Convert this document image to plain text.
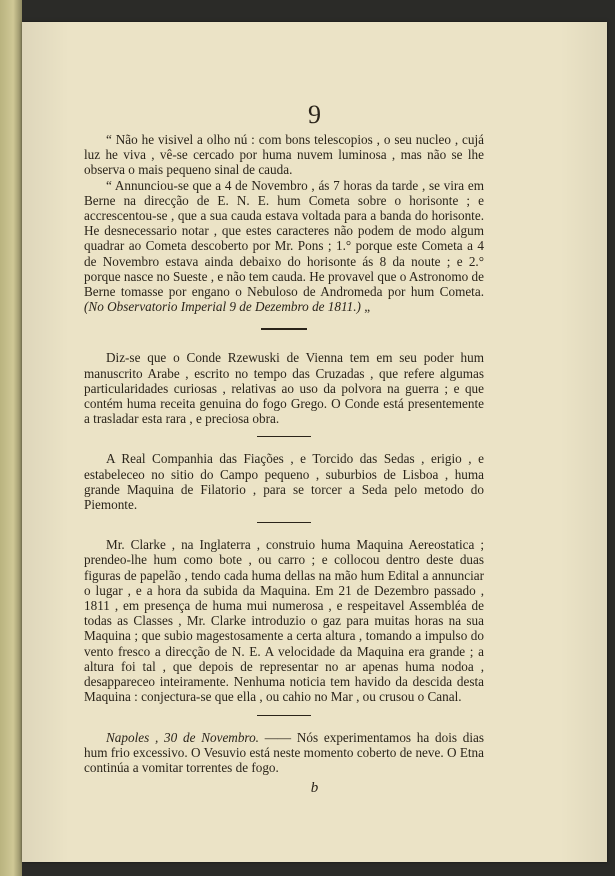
9

“ Não he visivel a olho nú : com bons telescopios , o seu nucleo , cujá luz he viva , vê-se cercado por huma nuvem luminosa , mas não se lhe observa o mais pequeno sinal de cauda.

“ Annunciou-se que a 4 de Novembro , ás 7 horas da tarde , se vira em Berne na direcção de E. N. E. hum Cometa sobre o horisonte ; e accrescentou-se , que a sua cauda estava voltada para a banda do horisonte. He desnecessario notar , que estes caracteres não podem de modo algum quadrar ao Cometa descoberto por Mr. Pons ; 1.° porque este Cometa a 4 de Novembro estava ainda debaixo do horisonte ás 8 da noute ; e 2.° porque nasce no Sueste , e não tem cauda. He provavel que o Astronomo de Berne tomasse por engano o Nebuloso de Andromeda por hum Cometa. (No Observatorio Imperial 9 de Dezembro de 1811.) „

Diz-se que o Conde Rzewuski de Vienna tem em seu poder hum manuscrito Arabe , escrito no tempo das Cruzadas , que refere algumas particularidades curiosas , relativas ao uso da polvora na guerra ; e que contém huma receita genuina do fogo Grego. O Conde está presentemente a trasladar esta rara , e preciosa obra.

A Real Companhia das Fiações , e Torcido das Sedas , erigio , e estabeleceo no sitio do Campo pequeno , suburbios de Lisboa , huma grande Maquina de Filatorio , para se torcer a Seda pelo metodo do Piemonte.

Mr. Clarke , na Inglaterra , construio huma Maquina Aereostatica ; prendeo-lhe hum como bote , ou carro ; e collocou dentro deste duas figuras de papelão , tendo cada huma dellas na mão hum Edital a annunciar o lugar , e a hora da subida da Maquina. Em 21 de Dezembro passado , 1811 , em presença de huma mui numerosa , e respeitavel Assembléa de todas as Classes , Mr. Clarke introduzio o gaz para muitas horas na sua Maquina ; que subio magestosamente a certa altura , tomando a impulso do vento fresco a direcção de N. E. A velocidade da Maquina era grande ; a altura foi tal , que depois de representar no ar apenas huma nodoa , desappareceo inteiramente. Nenhuma noticia tem havido da descida desta Maquina : conjectura-se que ella , ou cahio no Mar , ou crusou o Canal.

Napoles , 30 de Novembro. —— Nós experimentamos ha dois dias hum frio excessivo. O Vesuvio está neste momento coberto de neve. O Etna continúa a vomitar torrentes de fogo.

b
